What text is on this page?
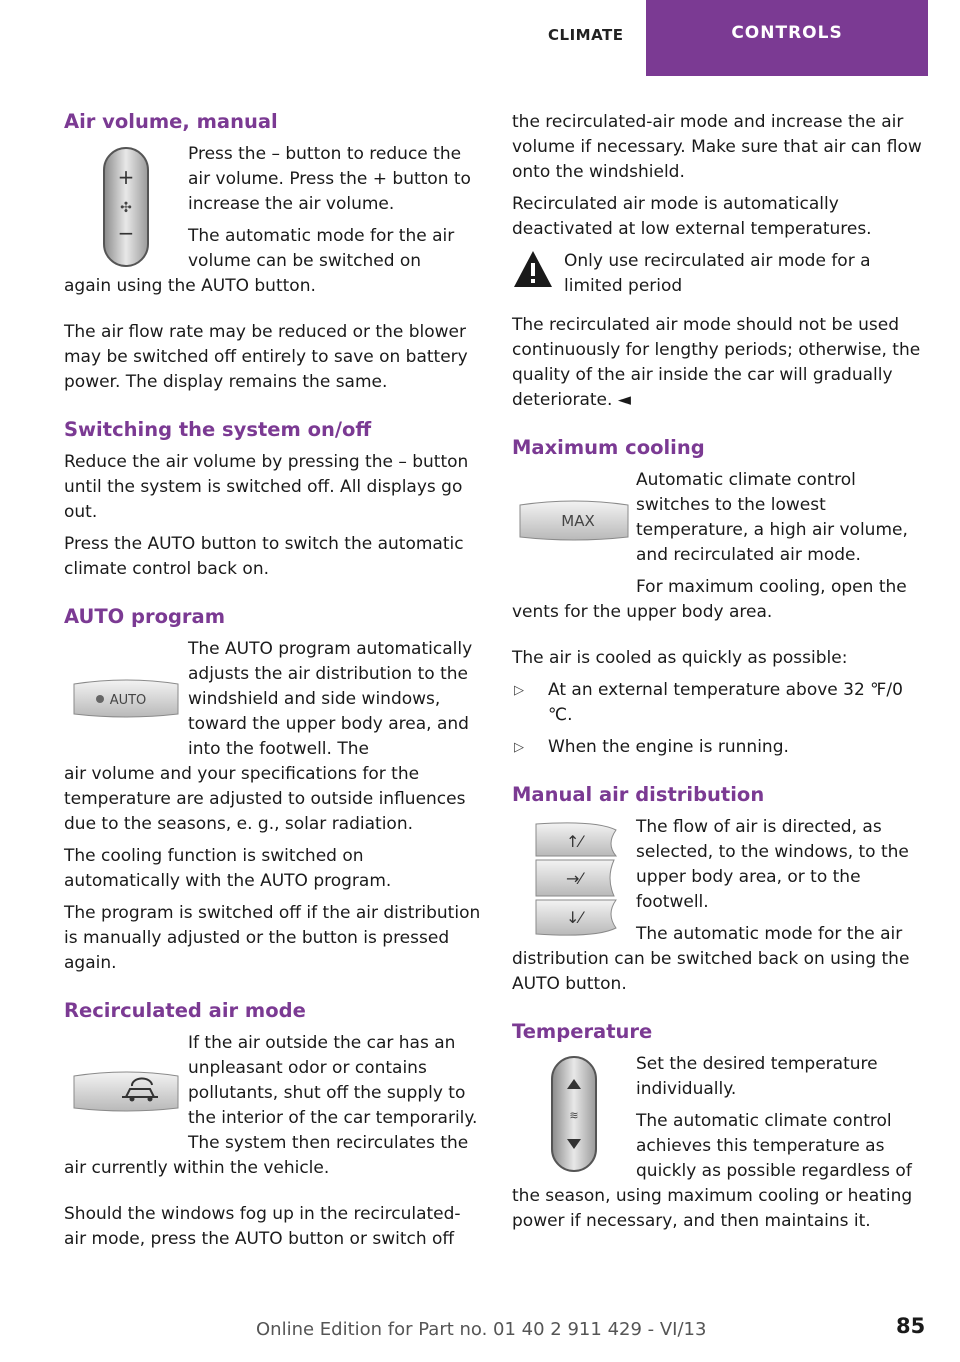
CLIMATE	CONTROLS
Air volume, manual
+
✣
−

Press the – button to reduce the air volume. Press the + button to increase the air volume.

The automatic mode for the air volume can be switched on

again using the AUTO button.

The air flow rate may be reduced or the blower may be switched off entirely to save on battery power. The display remains the same.

Switching the system on/off

Reduce the air volume by pressing the – button until the system is switched off. All displays go out.

Press the AUTO button to switch the automatic climate control back on.

AUTO program
AUTO

The AUTO program automatically adjusts the air distribution to the windshield and side windows, toward the upper body area, and into the footwell. The

air volume and your specifications for the temperature are adjusted to outside influences due to the seasons, e. g., solar radiation.

The cooling function is switched on automatically with the AUTO program.

The program is switched off if the air distribution is manually adjusted or the button is pressed again.

Recirculated air mode

If the air outside the car has an unpleasant odor or contains pollutants, shut off the supply to the interior of the car temporarily. The system then recirculates the

air currently within the vehicle.

Should the windows fog up in the recirculated-air mode, press the AUTO button or switch off

the recirculated-air mode and increase the air volume if necessary. Make sure that air can flow onto the windshield.

Recirculated air mode is automatically deactivated at low external temperatures.

Only use recirculated air mode for a limited period

The recirculated air mode should not be used continuously for lengthy periods; otherwise, the quality of the air inside the car will gradually deteriorate. ◄

Maximum cooling
MAX

Automatic climate control switches to the lowest temperature, a high air volume, and recirculated air mode.

For maximum cooling, open the

vents for the upper body area.

The air is cooled as quickly as possible:

▷	At an external temperature above 32 ℉/0 ℃.
▷	When the engine is running.
Manual air distribution
↑⁄
→⁄
↓⁄

The flow of air is directed, as selected, to the windows, to the upper body area, or to the footwell.

The automatic mode for the air

distribution can be switched back on using the AUTO button.

Temperature
≋

Set the desired temperature individually.

The automatic climate control achieves this temperature as quickly as possible regardless of

the season, using maximum cooling or heating power if necessary, and then maintains it.

Online Edition for Part no. 01 40 2 911 429 - VI/13	85
